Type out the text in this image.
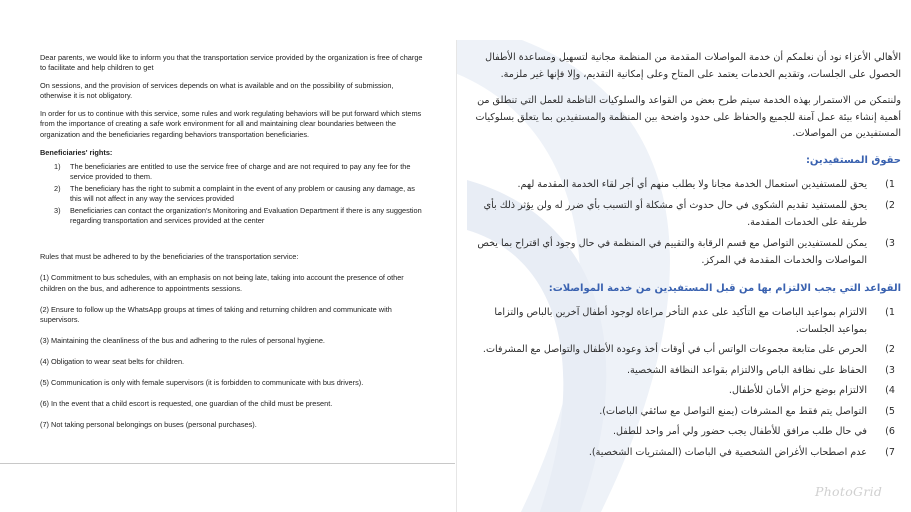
Dear parents, we would like to inform you that the transportation service provided by the organization is free of charge to facilitate and help children to get

On sessions, and the provision of services depends on what is available and on the possibility of submission, otherwise it is not obligatory.

In order for us to continue with this service, some rules and work regulating behaviors will be put forward which stems from the importance of creating a safe work environment for all and maintaining clear boundaries between the organization and the beneficiaries regarding behaviors transportation beneficiaries.

Beneficiaries' rights:
1)	The beneficiaries are entitled to use the service free of charge and are not required to pay any fee for the service provided to them.
2)	The beneficiary has the right to submit a complaint in the event of any problem or causing any damage, as this will not affect in any way the services provided
3)	Beneficiaries can contact the organization's Monitoring and Evaluation Department if there is any suggestion regarding transportation and services provided at the center

Rules that must be adhered to by the beneficiaries of the transportation service:

(1) Commitment to bus schedules, with an emphasis on not being late, taking into account the presence of other children on the bus, and adherence to appointments sessions.

(2) Ensure to follow up the WhatsApp groups at times of taking and returning children and communicate with supervisors.

(3) Maintaining the cleanliness of the bus and adhering to the rules of personal hygiene.

(4) Obligation to wear seat belts for children.

(5) Communication is only with female supervisors (it is forbidden to communicate with bus drivers).

(6) In the event that a child escort is requested, one guardian of the child must be present.

(7) Not taking personal belongings on buses (personal purchases).

الأهالي الأعزاء نود أن نعلمكم أن خدمة المواصلات المقدمة من المنظمة مجانية لتسهيل ومساعدة الأطفال الحصول على الجلسات، وتقديم الخدمات يعتمد على المتاح وعلى إمكانية التقديم، وإلا فإنها غير ملزمة.

ولنتمكن من الاستمرار بهذه الخدمة سيتم طرح بعض من القواعد والسلوكيات الناظمة للعمل التي تنطلق من أهمية إنشاء بيئة عمل آمنة للجميع والحفاظ على حدود واضحة بين المنظمة والمستفيدين بما يتعلق بسلوكيات المستفيدين من المواصلات.

حقوق المستفيدين:
1)
يحق للمستفيدين استعمال الخدمة مجانا ولا يطلب منهم أي أجر لقاء الخدمة المقدمة لهم.
2)
يحق للمستفيد تقديم الشكوى في حال حدوث أي مشكلة أو التسبب بأي ضرر له ولن يؤثر ذلك بأي طريقة على الخدمات المقدمة.
3)
يمكن للمستفيدين التواصل مع قسم الرقابة والتقييم في المنظمة في حال وجود أي اقتراح بما يخص المواصلات والخدمات المقدمة في المركز.
القواعد التي يجب الالتزام بها من قبل المستفيدين من خدمة المواصلات:
1)
الالتزام بمواعيد الباصات مع التأكيد على عدم التأخر مراعاة لوجود أطفال آخرين بالباص والتزاما بمواعيد الجلسات.
2)
الحرص على متابعة مجموعات الواتس أب في أوقات أخذ وعودة الأطفال والتواصل مع المشرفات.
3)
الحفاظ على نظافة الباص والالتزام بقواعد النظافة الشخصية.
4)
الالتزام بوضع حزام الأمان للأطفال.
5)
التواصل يتم فقط مع المشرفات (يمنع التواصل مع سائقي الباصات).
6)
في حال طلب مرافق للأطفال يجب حضور ولي أمر واحد للطفل.
7)
عدم اصطحاب الأغراض الشخصية في الباصات (المشتريات الشخصية).
PhotoGrid
